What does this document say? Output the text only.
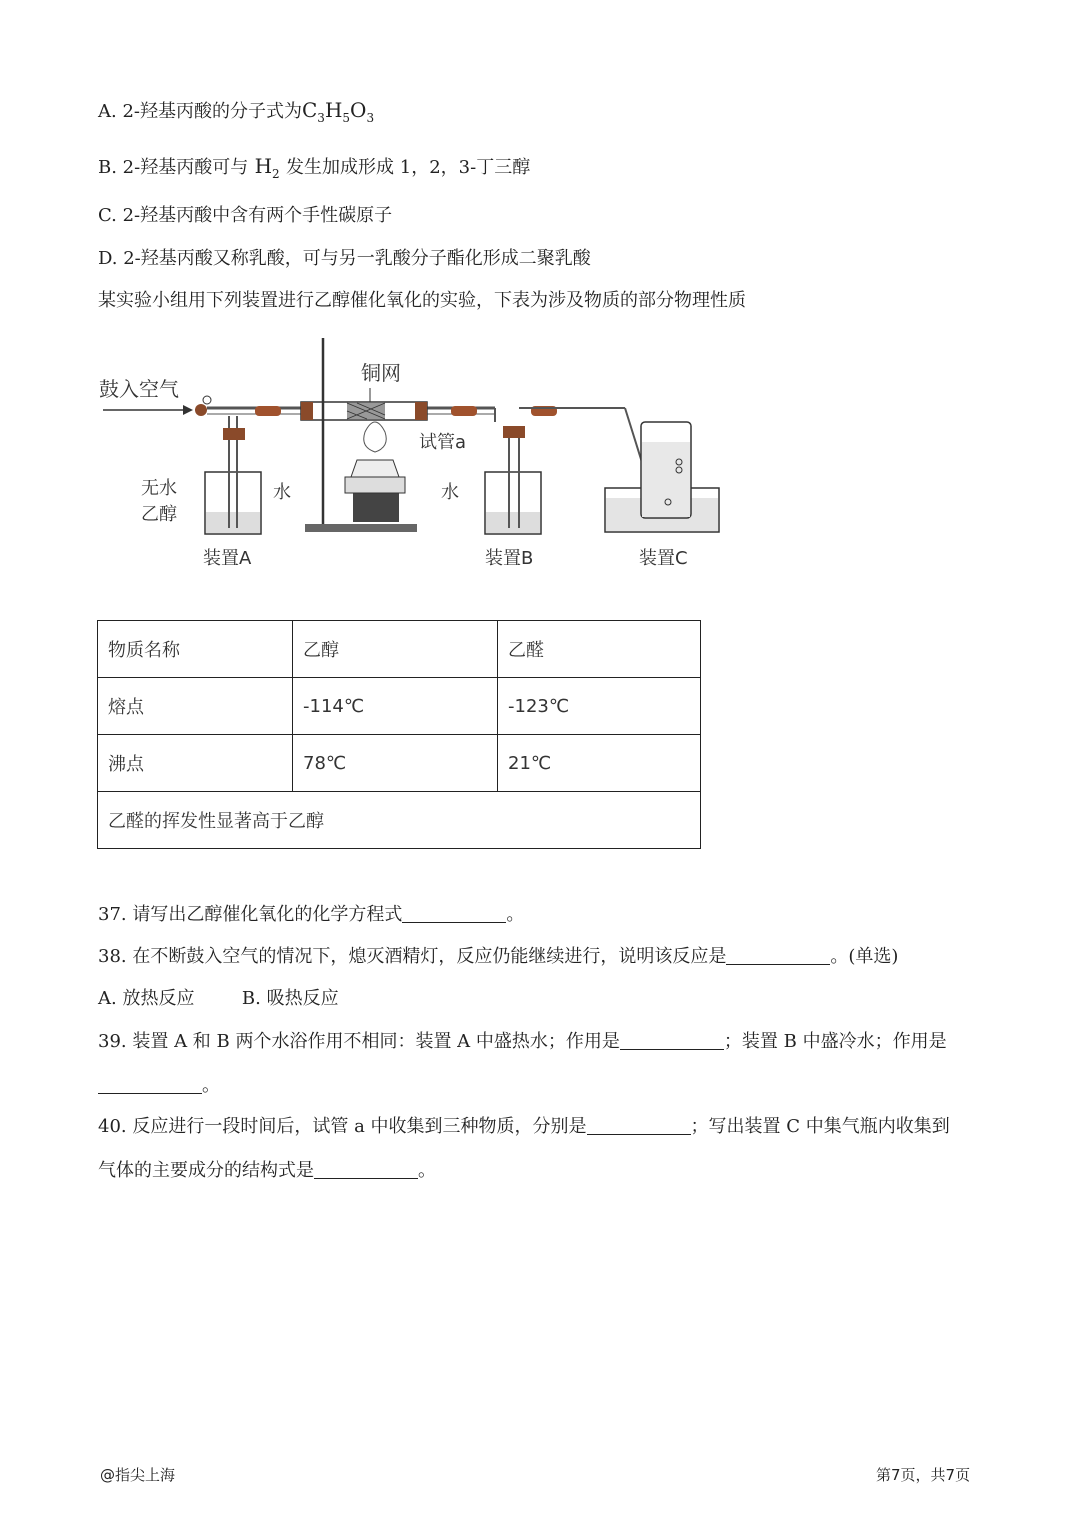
A. 2-羟基丙酸的分子式为$C_3H_5O_3$
B. 2-羟基丙酸可与 $H_2$ 发生加成形成 1，2，3-丁三醇
C. 2-羟基丙酸中含有两个手性碳原子
D. 2-羟基丙酸又称乳酸，可与另一乳酸分子酯化形成二聚乳酸
某实验小组用下列装置进行乙醇催化氧化的实验，下表为涉及物质的部分物理性质
鼓入空气
铜网
无水
乙醇
水
装置A
试管a
水
装置B	装置C
物质名称	乙醇	乙醛
熔点	-114℃	-123℃
沸点	78℃	21℃
乙醛的挥发性显著高于乙醇		
37. 请写出乙醇催化氧化的化学方程式	。
38. 在不断鼓入空气的情况下，熄灭酒精灯，反应仍能继续进行，说明该反应是	。(单选)
A. 放热反应	B. 吸热反应
39. 装置 A 和 B 两个水浴作用不相同：装置 A 中盛热水；作用是	；装置 B 中盛冷水；作用是
。
40. 反应进行一段时间后，试管 a 中收集到三种物质，分别是	；写出装置 C 中集气瓶内收集到
气体的主要成分的结构式是	。
@指尖上海	第7页，共7页
